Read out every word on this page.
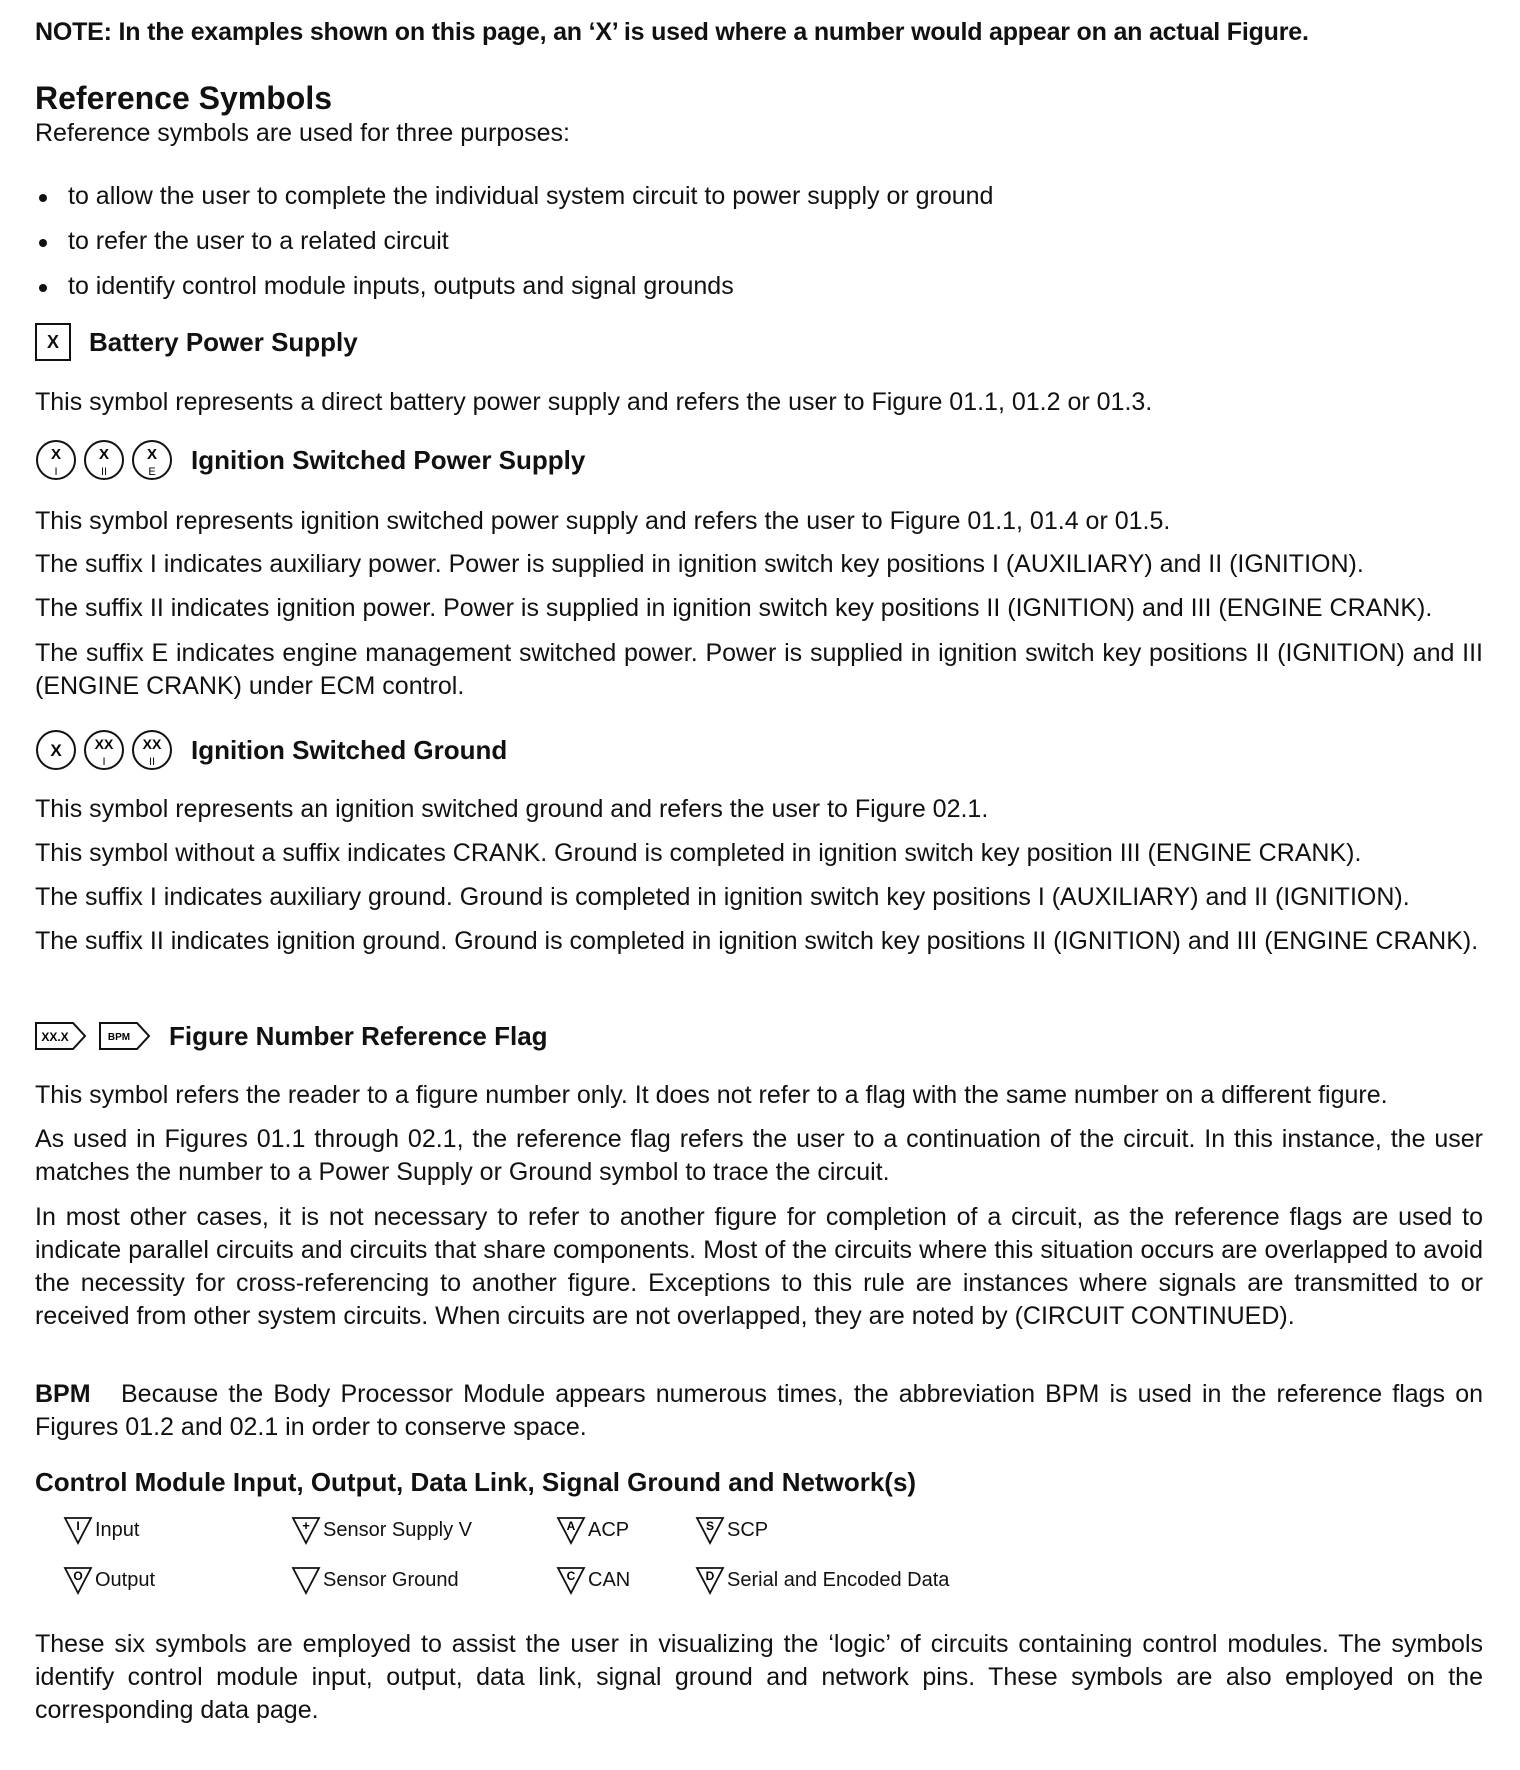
NOTE: In the examples shown on this page, an ‘X’ is used where a number would appear on an actual Figure.
Reference Symbols
Reference symbols are used for three purposes:
to allow the user to complete the individual system circuit to power supply or ground
to refer the user to a related circuit
to identify control module inputs, outputs and signal grounds
X	Battery Power Supply
This symbol represents a direct battery power supply and refers the user to Figure 01.1, 01.2 or 01.3.
X
I
X
II
X
E Ignition Switched Power Supply
This symbol represents ignition switched power supply and refers the user to Figure 01.1, 01.4 or 01.5.
The suffix I indicates auxiliary power. Power is supplied in ignition switch key positions I (AUXILIARY) and II (IGNITION).
The suffix II indicates ignition power. Power is supplied in ignition switch key positions II (IGNITION) and III (ENGINE CRANK).
The suffix E indicates engine management switched power. Power is supplied in ignition switch key positions II (IGNITION) and III (ENGINE CRANK) under ECM control.
X XX
I
XX
II Ignition Switched Ground
This symbol represents an ignition switched ground and refers the user to Figure 02.1.
This symbol without a suffix indicates CRANK. Ground is completed in ignition switch key position III (ENGINE CRANK).
The suffix I indicates auxiliary ground. Ground is completed in ignition switch key positions I (AUXILIARY) and II (IGNITION).
The suffix II indicates ignition ground. Ground is completed in ignition switch key positions II (IGNITION) and III (ENGINE CRANK).
XX.X	BPM Figure Number Reference Flag
This symbol refers the reader to a figure number only. It does not refer to a flag with the same number on a different figure.
As used in Figures 01.1 through 02.1, the reference flag refers the user to a continuation of the circuit. In this instance, the user matches the number to a Power Supply or Ground symbol to trace the circuit.
In most other cases, it is not necessary to refer to another figure for completion of a circuit, as the reference flags are used to indicate parallel circuits and circuits that share components. Most of the circuits where this situation occurs are overlapped to avoid the necessity for cross-referencing to another figure. Exceptions to this rule are instances where signals are transmitted to or received from other system circuits. When circuits are not overlapped, they are noted by (CIRCUIT CONTINUED).
BPM Because the Body Processor Module appears numerous times, the abbreviation BPM is used in the reference flags on Figures 01.2 and 02.1 in order to conserve space.
Control Module Input, Output, Data Link, Signal Ground and Network(s)
I Input	+ Sensor Supply V	A ACP	S SCP
O Output	Sensor Ground	C CAN	D Serial and Encoded Data
These six symbols are employed to assist the user in visualizing the ‘logic’ of circuits containing control modules. The symbols identify control module input, output, data link, signal ground and network pins. These symbols are also employed on the corresponding data page.
